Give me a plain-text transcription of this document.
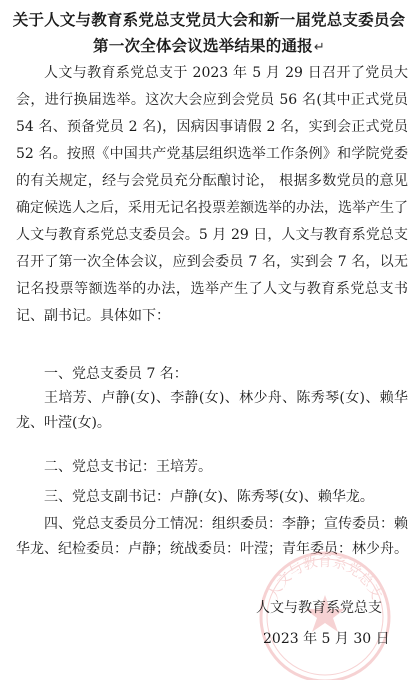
关于人文与教育系党总支党员大会和新一届党总支委员会
第一次全体会议选举结果的通报↵
人文与教育系党总支于 2023 年 5 月 29 日召开了党员大会，进行换届选举。这次大会应到会党员 56 名(其中正式党员 54 名、预备党员 2 名)，因病因事请假 2 名，实到会正式党员 52 名。按照《中国共产党基层组织选举工作条例》和学院党委的有关规定，经与会党员充分酝酿讨论， 根据多数党员的意见确定候选人之后，采用无记名投票差额选举的办法，选举产生了人文与教育系党总支委员会。5 月 29 日，人文与教育系党总支召开了第一次全体会议，应到会委员 7 名，实到会 7 名，以无记名投票等额选举的办法，选举产生了人文与教育系党总支书记、副书记。具体如下：
一、党总支委员 7 名：
王培芳、卢静(女)、李静(女)、林少舟、陈秀琴(女)、赖华龙、叶滢(女)。
二、党总支书记：王培芳。
三、党总支副书记：卢静(女)、陈秀琴(女)、赖华龙。
四、党总支委员分工情况：组织委员：李静；宣传委员：赖华龙、纪检委员：卢静；统战委员：叶滢；青年委员：林少舟。
人文与教育系党总支
人文与教育系党总支
2023 年 5 月 30 日
